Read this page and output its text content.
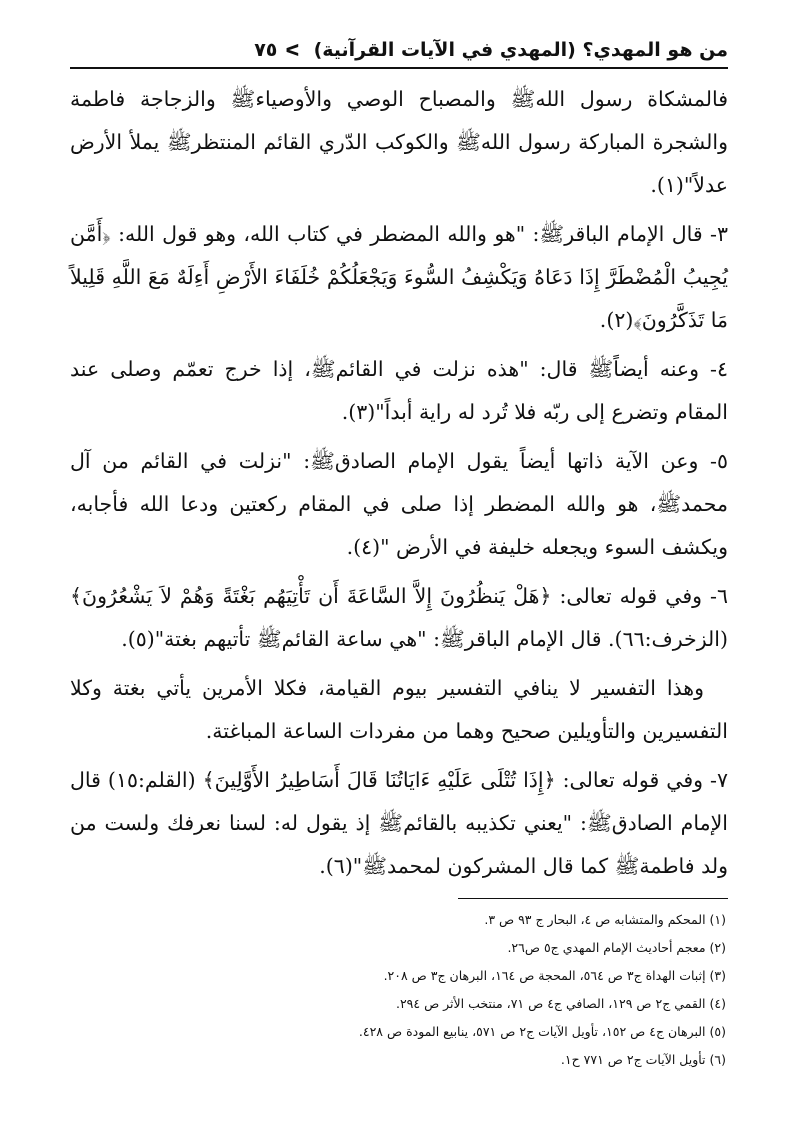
من هو المهدي؟ (المهدي في الآيات القرآنية)
ᐸ
٧٥

فالمشكاة رسول اللهﷺ والمصباح الوصي والأوصياءﷺ والزجاجة فاطمة والشجرة المباركة رسول اللهﷺ والكوكب الدّري القائم المنتظرﷺ يملأ الأرض عدلاً"(١).

٣- قال الإمام الباقرﷺ: "هو والله المضطر في كتاب الله، وهو قول الله: ﴿أَمَّن يُجِيبُ الْمُضْطَرَّ إِذَا دَعَاهُ وَيَكْشِفُ السُّوءَ وَيَجْعَلُكُمْ خُلَفَاءَ الأَرْضِ أَءِلَهٌ مَعَ اللَّهِ قَلِيلاً مَا تَذَكَّرُونَ﴾(٢).

٤- وعنه أيضاًﷺ قال: "هذه نزلت في القائمﷺ، إذا خرج تعمّم وصلى عند المقام وتضرع إلى ربّه فلا تُرد له راية أبداً"(٣).

٥- وعن الآية ذاتها أيضاً يقول الإمام الصادقﷺ: "نزلت في القائم من آل محمدﷺ، هو والله المضطر إذا صلى في المقام ركعتين ودعا الله فأجابه، ويكشف السوء ويجعله خليفة في الأرض "(٤).

٦- وفي قوله تعالى: ﴿هَلْ يَنظُرُونَ إِلاَّ السَّاعَةَ أَن تَأْتِيَهُم بَغْتَةً وَهُمْ لاَ يَشْعُرُونَ﴾ (الزخرف:٦٦). قال الإمام الباقرﷺ: "هي ساعة القائمﷺ تأتيهم بغتة"(٥).

وهذا التفسير لا ينافي التفسير بيوم القيامة، فكلا الأمرين يأتي بغتة وكلا التفسيرين والتأويلين صحيح وهما من مفردات الساعة المباغتة.

٧- وفي قوله تعالى: ﴿إِذَا تُتْلَى عَلَيْهِ ءَايَاتُنَا قَالَ أَسَاطِيرُ الأَوَّلِينَ﴾ (القلم:١٥) قال الإمام الصادقﷺ: "يعني تكذيبه بالقائمﷺ إذ يقول له: لسنا نعرفك ولست من ولد فاطمةﷺ كما قال المشركون لمحمدﷺ"(٦).

(١) المحكم والمتشابه ص ٤، البحار ج ٩٣ ص ٣.

(٢) معجم أحاديث الإمام المهدي ج٥ ص٢٦.

(٣) إثبات الهداة ج٣ ص ٥٦٤، المحجة ص ١٦٤، البرهان ج٣ ص ٢٠٨.

(٤) القمي ج٢ ص ١٢٩، الصافي ج٤ ص ٧١، منتخب الأثر ص ٢٩٤.

(٥) البرهان ج٤ ص ١٥٢، تأويل الآيات ج٢ ص ٥٧١، ينابيع المودة ص ٤٢٨.

(٦) تأويل الآيات ج٢ ص ٧٧١ ح١.
